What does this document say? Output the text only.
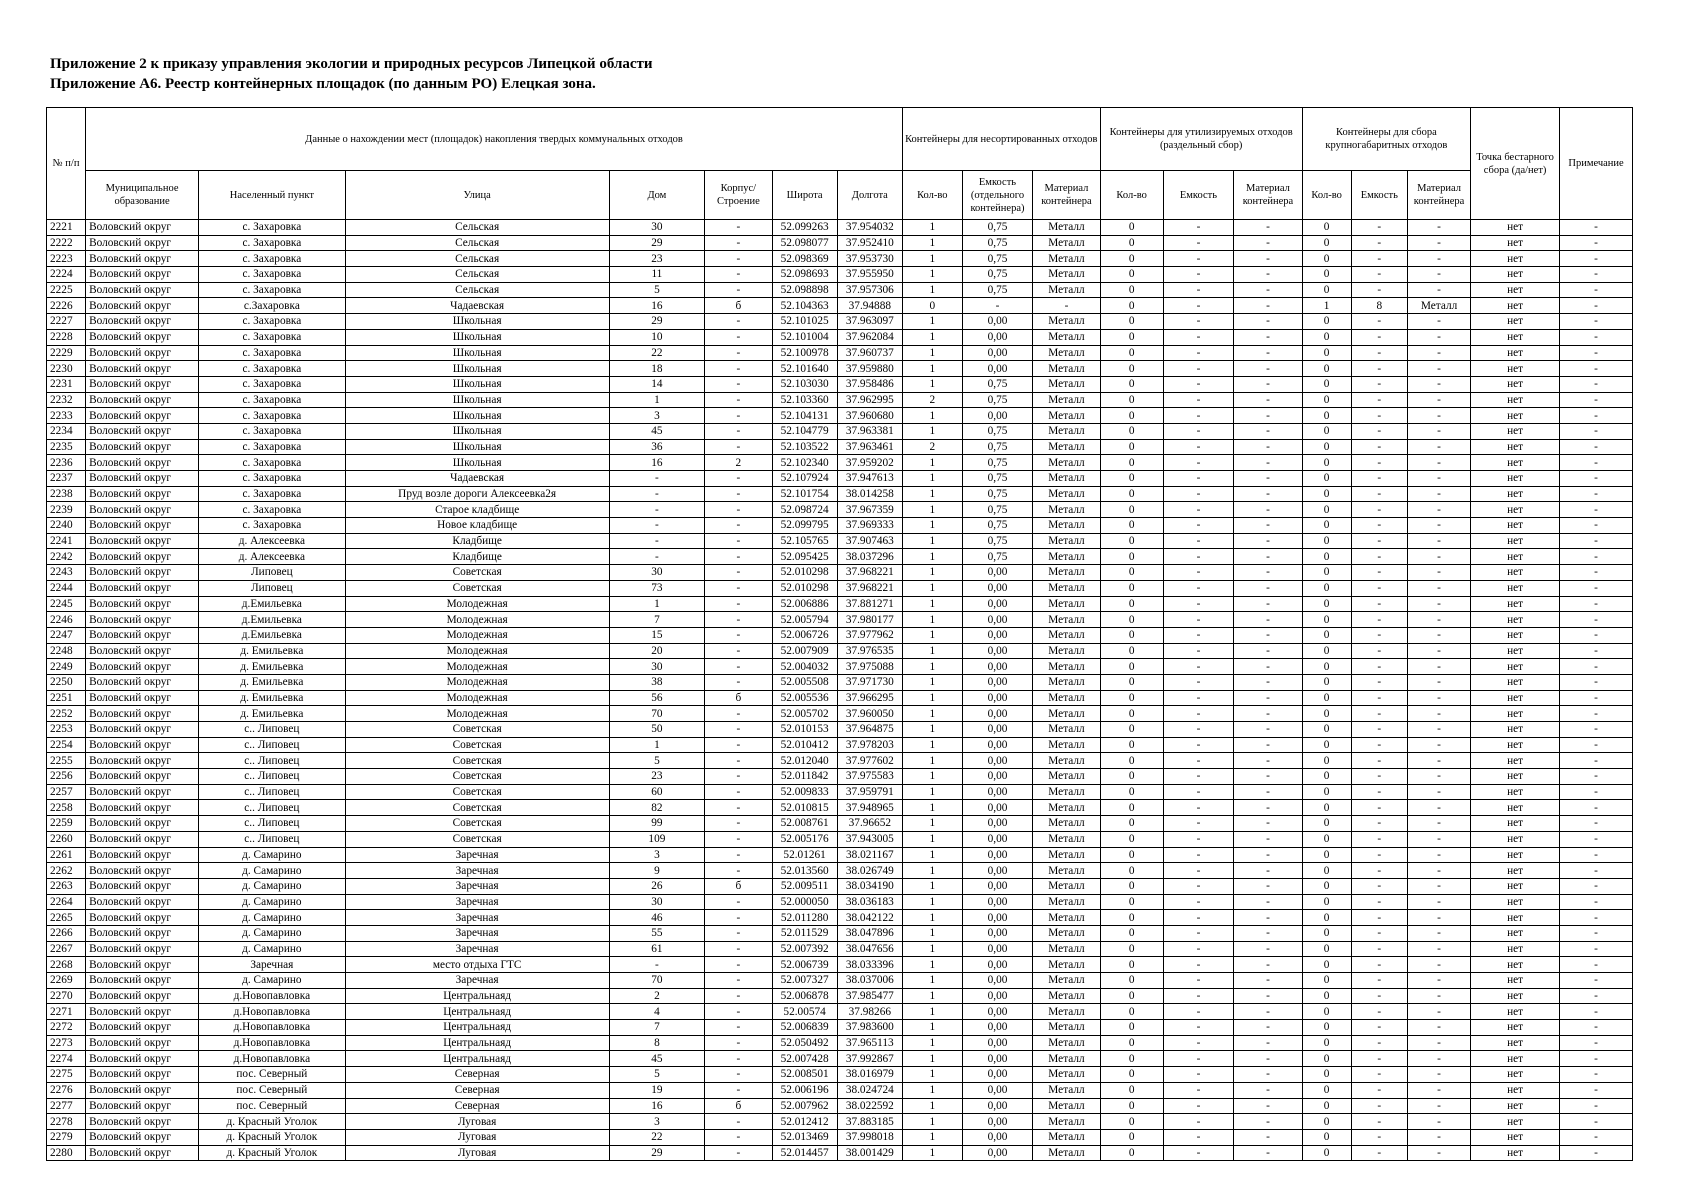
Приложение 2 к приказу управления экологии и природных ресурсов Липецкой области
Приложение А6. Реестр контейнерных площадок (по данным РО) Елецкая зона.
№ п/п	Данные о нахождении мест (площадок) накопления твердых коммунальных отходов							Контейнеры для несортированных отходов			Контейнеры для утилизируемых отходов (раздельный сбор)			Контейнеры для сбора крупногабаритных отходов			Точка бестарного сбора (да/нет)	Примечание
	Муниципальное образование	Населенный пункт	Улица	Дом	Корпус/ Строение	Широта	Долгота	Кол-во	Емкость (отдельного контейнера)	Материал контейнера	Кол-во	Емкость	Материал контейнера	Кол-во	Емкость	Материал контейнера		
2221	Воловский округ	с. Захаровка	Сельская	30	-	52.099263	37.954032	1	0,75	Металл	0	-	-	0	-	-	нет	-
2222	Воловский округ	с. Захаровка	Сельская	29	-	52.098077	37.952410	1	0,75	Металл	0	-	-	0	-	-	нет	-
2223	Воловский округ	с. Захаровка	Сельская	23	-	52.098369	37.953730	1	0,75	Металл	0	-	-	0	-	-	нет	-
2224	Воловский округ	с. Захаровка	Сельская	11	-	52.098693	37.955950	1	0,75	Металл	0	-	-	0	-	-	нет	-
2225	Воловский округ	с. Захаровка	Сельская	5	-	52.098898	37.957306	1	0,75	Металл	0	-	-	0	-	-	нет	-
2226	Воловский округ	с.Захаровка	Чадаевская	16	б	52.104363	37.94888	0	-	-	0	-	-	1	8	Металл	нет	-
2227	Воловский округ	с. Захаровка	Школьная	29	-	52.101025	37.963097	1	0,00	Металл	0	-	-	0	-	-	нет	-
2228	Воловский округ	с. Захаровка	Школьная	10	-	52.101004	37.962084	1	0,00	Металл	0	-	-	0	-	-	нет	-
2229	Воловский округ	с. Захаровка	Школьная	22	-	52.100978	37.960737	1	0,00	Металл	0	-	-	0	-	-	нет	-
2230	Воловский округ	с. Захаровка	Школьная	18	-	52.101640	37.959880	1	0,00	Металл	0	-	-	0	-	-	нет	-
2231	Воловский округ	с. Захаровка	Школьная	14	-	52.103030	37.958486	1	0,75	Металл	0	-	-	0	-	-	нет	-
2232	Воловский округ	с. Захаровка	Школьная	1	-	52.103360	37.962995	2	0,75	Металл	0	-	-	0	-	-	нет	-
2233	Воловский округ	с. Захаровка	Школьная	3	-	52.104131	37.960680	1	0,00	Металл	0	-	-	0	-	-	нет	-
2234	Воловский округ	с. Захаровка	Школьная	45	-	52.104779	37.963381	1	0,75	Металл	0	-	-	0	-	-	нет	-
2235	Воловский округ	с. Захаровка	Школьная	36	-	52.103522	37.963461	2	0,75	Металл	0	-	-	0	-	-	нет	-
2236	Воловский округ	с. Захаровка	Школьная	16	2	52.102340	37.959202	1	0,75	Металл	0	-	-	0	-	-	нет	-
2237	Воловский округ	с. Захаровка	Чадаевская	-	-	52.107924	37.947613	1	0,75	Металл	0	-	-	0	-	-	нет	-
2238	Воловский округ	с. Захаровка	Пруд возле дороги Алексеевка2я	-	-	52.101754	38.014258	1	0,75	Металл	0	-	-	0	-	-	нет	-
2239	Воловский округ	с. Захаровка	Старое кладбище	-	-	52.098724	37.967359	1	0,75	Металл	0	-	-	0	-	-	нет	-
2240	Воловский округ	с. Захаровка	Новое кладбище	-	-	52.099795	37.969333	1	0,75	Металл	0	-	-	0	-	-	нет	-
2241	Воловский округ	д. Алексеевка	Кладбище	-	-	52.105765	37.907463	1	0,75	Металл	0	-	-	0	-	-	нет	-
2242	Воловский округ	д. Алексеевка	Кладбище	-	-	52.095425	38.037296	1	0,75	Металл	0	-	-	0	-	-	нет	-
2243	Воловский округ	Липовец	Советская	30	-	52.010298	37.968221	1	0,00	Металл	0	-	-	0	-	-	нет	-
2244	Воловский округ	Липовец	Советская	73	-	52.010298	37.968221	1	0,00	Металл	0	-	-	0	-	-	нет	-
2245	Воловский округ	д.Емильевка	Молодежная	1	-	52.006886	37.881271	1	0,00	Металл	0	-	-	0	-	-	нет	-
2246	Воловский округ	д.Емильевка	Молодежная	7	-	52.005794	37.980177	1	0,00	Металл	0	-	-	0	-	-	нет	-
2247	Воловский округ	д.Емильевка	Молодежная	15	-	52.006726	37.977962	1	0,00	Металл	0	-	-	0	-	-	нет	-
2248	Воловский округ	д. Емильевка	Молодежная	20	-	52.007909	37.976535	1	0,00	Металл	0	-	-	0	-	-	нет	-
2249	Воловский округ	д. Емильевка	Молодежная	30	-	52.004032	37.975088	1	0,00	Металл	0	-	-	0	-	-	нет	-
2250	Воловский округ	д. Емильевка	Молодежная	38	-	52.005508	37.971730	1	0,00	Металл	0	-	-	0	-	-	нет	-
2251	Воловский округ	д. Емильевка	Молодежная	56	б	52.005536	37.966295	1	0,00	Металл	0	-	-	0	-	-	нет	-
2252	Воловский округ	д. Емильевка	Молодежная	70	-	52.005702	37.960050	1	0,00	Металл	0	-	-	0	-	-	нет	-
2253	Воловский округ	с.. Липовец	Советская	50	-	52.010153	37.964875	1	0,00	Металл	0	-	-	0	-	-	нет	-
2254	Воловский округ	с.. Липовец	Советская	1	-	52.010412	37.978203	1	0,00	Металл	0	-	-	0	-	-	нет	-
2255	Воловский округ	с.. Липовец	Советская	5	-	52.012040	37.977602	1	0,00	Металл	0	-	-	0	-	-	нет	-
2256	Воловский округ	с.. Липовец	Советская	23	-	52.011842	37.975583	1	0,00	Металл	0	-	-	0	-	-	нет	-
2257	Воловский округ	с.. Липовец	Советская	60	-	52.009833	37.959791	1	0,00	Металл	0	-	-	0	-	-	нет	-
2258	Воловский округ	с.. Липовец	Советская	82	-	52.010815	37.948965	1	0,00	Металл	0	-	-	0	-	-	нет	-
2259	Воловский округ	с.. Липовец	Советская	99	-	52.008761	37.96652	1	0,00	Металл	0	-	-	0	-	-	нет	-
2260	Воловский округ	с.. Липовец	Советская	109	-	52.005176	37.943005	1	0,00	Металл	0	-	-	0	-	-	нет	-
2261	Воловский округ	д. Самарино	Заречная	3	-	52.01261	38.021167	1	0,00	Металл	0	-	-	0	-	-	нет	-
2262	Воловский округ	д. Самарино	Заречная	9	-	52.013560	38.026749	1	0,00	Металл	0	-	-	0	-	-	нет	-
2263	Воловский округ	д. Самарино	Заречная	26	б	52.009511	38.034190	1	0,00	Металл	0	-	-	0	-	-	нет	-
2264	Воловский округ	д. Самарино	Заречная	30	-	52.000050	38.036183	1	0,00	Металл	0	-	-	0	-	-	нет	-
2265	Воловский округ	д. Самарино	Заречная	46	-	52.011280	38.042122	1	0,00	Металл	0	-	-	0	-	-	нет	-
2266	Воловский округ	д. Самарино	Заречная	55	-	52.011529	38.047896	1	0,00	Металл	0	-	-	0	-	-	нет	-
2267	Воловский округ	д. Самарино	Заречная	61	-	52.007392	38.047656	1	0,00	Металл	0	-	-	0	-	-	нет	-
2268	Воловский округ	Заречная	место отдыха ГТС	-	-	52.006739	38.033396	1	0,00	Металл	0	-	-	0	-	-	нет	-
2269	Воловский округ	д. Самарино	Заречная	70	-	52.007327	38.037006	1	0,00	Металл	0	-	-	0	-	-	нет	-
2270	Воловский округ	д.Новопавловка	Центральнаяд	2	-	52.006878	37.985477	1	0,00	Металл	0	-	-	0	-	-	нет	-
2271	Воловский округ	д.Новопавловка	Центральнаяд	4	-	52.00574	37.98266	1	0,00	Металл	0	-	-	0	-	-	нет	-
2272	Воловский округ	д.Новопавловка	Центральнаяд	7	-	52.006839	37.983600	1	0,00	Металл	0	-	-	0	-	-	нет	-
2273	Воловский округ	д.Новопавловка	Центральнаяд	8	-	52.050492	37.965113	1	0,00	Металл	0	-	-	0	-	-	нет	-
2274	Воловский округ	д.Новопавловка	Центральнаяд	45	-	52.007428	37.992867	1	0,00	Металл	0	-	-	0	-	-	нет	-
2275	Воловский округ	пос. Северный	Северная	5	-	52.008501	38.016979	1	0,00	Металл	0	-	-	0	-	-	нет	-
2276	Воловский округ	пос. Северный	Северная	19	-	52.006196	38.024724	1	0,00	Металл	0	-	-	0	-	-	нет	-
2277	Воловский округ	пос. Северный	Северная	16	б	52.007962	38.022592	1	0,00	Металл	0	-	-	0	-	-	нет	-
2278	Воловский округ	д. Красный Уголок	Луговая	3	-	52.012412	37.883185	1	0,00	Металл	0	-	-	0	-	-	нет	-
2279	Воловский округ	д. Красный Уголок	Луговая	22	-	52.013469	37.998018	1	0,00	Металл	0	-	-	0	-	-	нет	-
2280	Воловский округ	д. Красный Уголок	Луговая	29	-	52.014457	38.001429	1	0,00	Металл	0	-	-	0	-	-	нет	-
